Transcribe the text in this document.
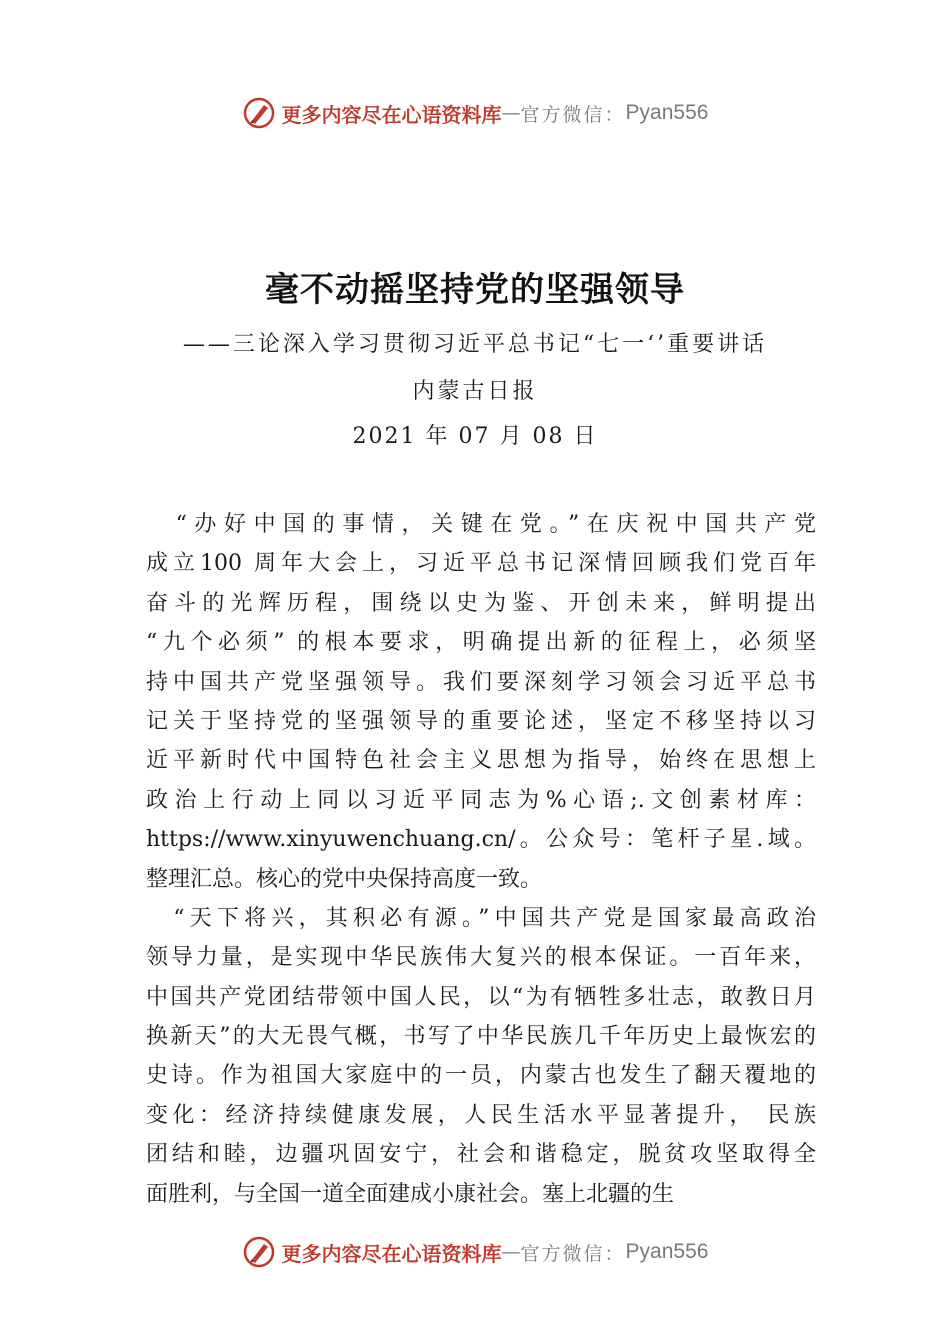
更多内容尽在心语资料库 — 官方微信： Pyan556
毫不动摇坚持党的坚强领导
——三论深入学习贯彻习近平总书记“七一‘’重要讲话
内蒙古日报
2021 年 07 月 08 日
　“办好中国的事情，关键在党。”在庆祝中国共产党
成立100 周年大会上，习近平总书记深情回顾我们党百年
奋斗的光辉历程，围绕以史为鉴、开创未来，鲜明提出
“九个必须” 的根本要求，明确提出新的征程上，必须坚
持中国共产党坚强领导。我们要深刻学习领会习近平总书
记关于坚持党的坚强领导的重要论述，坚定不移坚持以习
近平新时代中国特色社会主义思想为指导，始终在思想上
政治上行动上同以习近平同志为%心语;.文创素材库：
https://www.xinyuwenchuang.cn/。公众号：笔杆子星.域。
整理汇总。核心的党中央保持高度一致。
　“天下将兴，其积必有源。”中国共产党是国家最高政治
领导力量，是实现中华民族伟大复兴的根本保证。一百年来，
中国共产党团结带领中国人民，以“为有牺牲多壮志，敢教日月
换新天”的大无畏气概，书写了中华民族几千年历史上最恢宏的
史诗。作为祖国大家庭中的一员，内蒙古也发生了翻天覆地的
变化：经济持续健康发展，人民生活水平显著提升， 民族
团结和睦，边疆巩固安宁，社会和谐稳定，脱贫攻坚取得全
面胜利，与全国一道全面建成小康社会。塞上北疆的生
更多内容尽在心语资料库 — 官方微信： Pyan556
